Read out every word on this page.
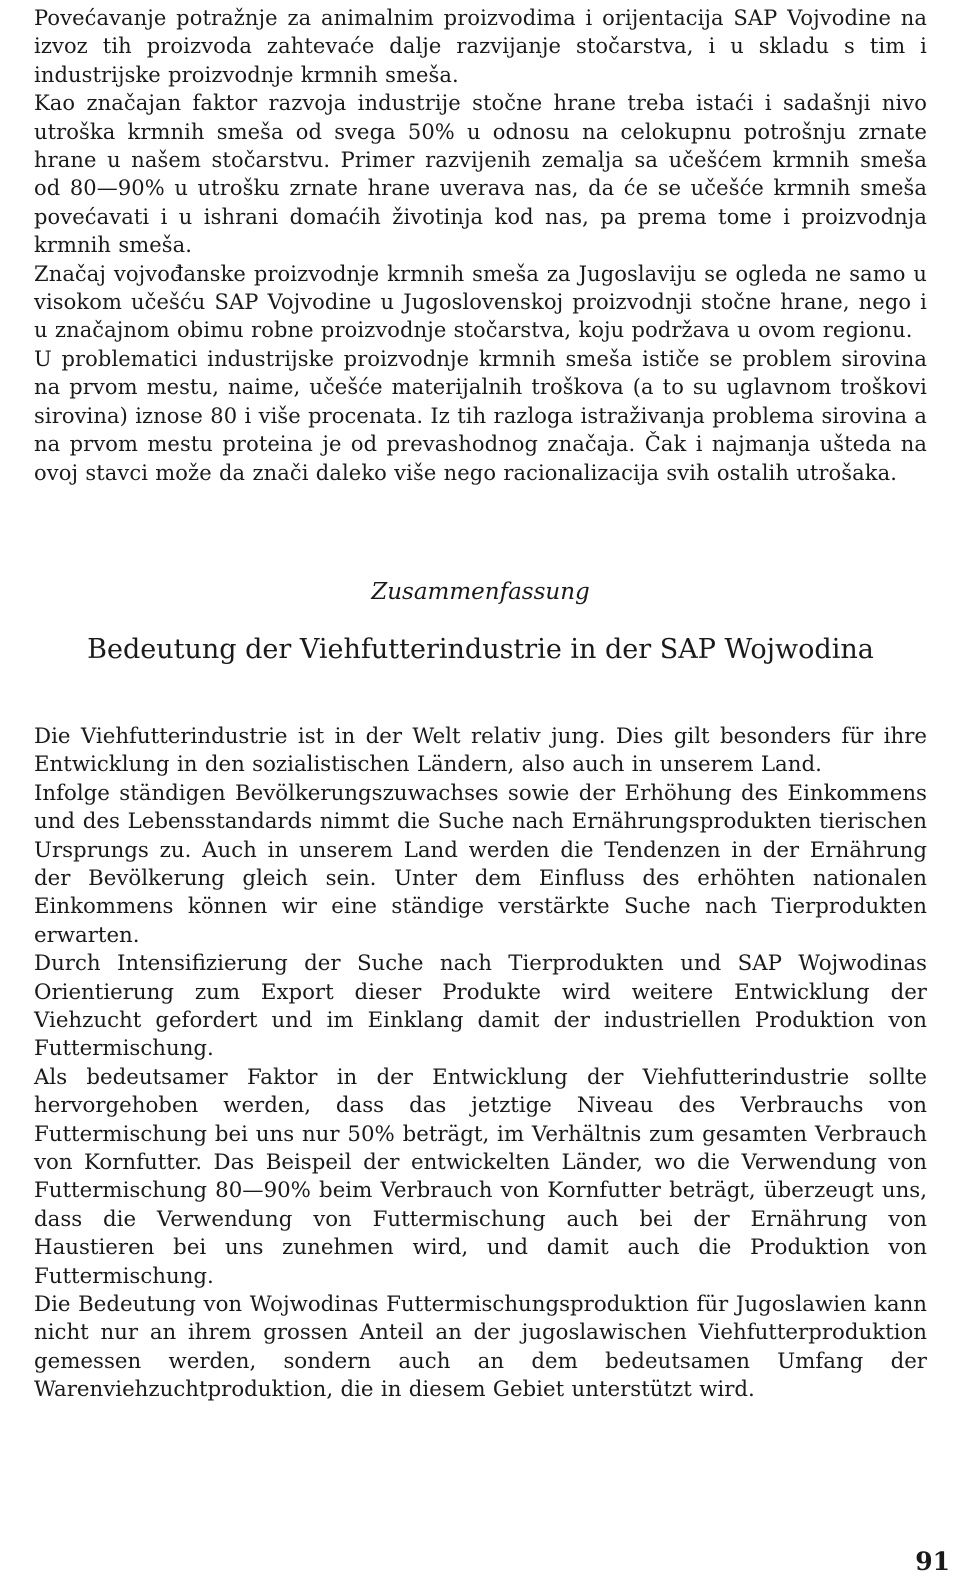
Povećavanje potražnje za animalnim proizvodima i orijentacija SAP Vojvodine na izvoz tih proizvoda zahtevaće dalje razvijanje stočarstva, i u skladu s tim i industrijske proizvodnje krmnih smeša.

Kao značajan faktor razvoja industrije stočne hrane treba istaći i sadašnji nivo utroška krmnih smeša od svega 50% u odnosu na celokupnu potrošnju zrnate hrane u našem stočarstvu. Primer razvijenih zemalja sa učešćem krmnih smeša od 80—90% u utrošku zrnate hrane uverava nas, da će se učešće krmnih smeša povećavati i u ishrani domaćih životinja kod nas, pa prema tome i proizvodnja krmnih smeša.

Značaj vojvođanske proizvodnje krmnih smeša za Jugoslaviju se ogleda ne samo u visokom učešću SAP Vojvodine u Jugoslovenskoj proizvodnji stočne hrane, nego i u značajnom obimu robne proizvodnje stočarstva, koju podržava u ovom regionu.

U problematici industrijske proizvodnje krmnih smeša ističe se problem sirovina na prvom mestu, naime, učešće materijalnih troškova (a to su uglavnom troškovi sirovina) iznose 80 i više procenata. Iz tih razloga istraživanja problema sirovina a na prvom mestu proteina je od prevashodnog značaja. Čak i najmanja ušteda na ovoj stavci može da znači daleko više nego racionalizacija svih ostalih utrošaka.

Zusammenfassung
Bedeutung der Viehfutterindustrie in der SAP Wojwodina

Die Viehfutterindustrie ist in der Welt relativ jung. Dies gilt besonders für ihre Entwicklung in den sozialistischen Ländern, also auch in unserem Land.

Infolge ständigen Bevölkerungszuwachses sowie der Erhöhung des Einkommens und des Lebensstandards nimmt die Suche nach Ernährungsprodukten tierischen Ursprungs zu. Auch in unserem Land werden die Tendenzen in der Ernährung der Bevölkerung gleich sein. Unter dem Einfluss des erhöhten nationalen Einkommens können wir eine ständige verstärkte Suche nach Tierprodukten erwarten.

Durch Intensifizierung der Suche nach Tierprodukten und SAP Wojwodinas Orientierung zum Export dieser Produkte wird weitere Entwicklung der Viehzucht gefordert und im Einklang damit der industriellen Produktion von Futtermischung.

Als bedeutsamer Faktor in der Entwicklung der Viehfutterindustrie sollte hervorgehoben werden, dass das jetztige Niveau des Verbrauchs von Futtermischung bei uns nur 50% beträgt, im Verhältnis zum gesamten Verbrauch von Kornfutter. Das Beispeil der entwickelten Länder, wo die Verwendung von Futtermischung 80—90% beim Verbrauch von Kornfutter beträgt, überzeugt uns, dass die Verwendung von Futtermischung auch bei der Ernährung von Haustieren bei uns zunehmen wird, und damit auch die Produktion von Futtermischung.

Die Bedeutung von Wojwodinas Futtermischungsproduktion für Jugoslawien kann nicht nur an ihrem grossen Anteil an der jugoslawischen Viehfutterproduktion gemessen werden, sondern auch an dem bedeutsamen Umfang der Warenviehzuchtproduktion, die in diesem Gebiet unterstützt wird.

91
